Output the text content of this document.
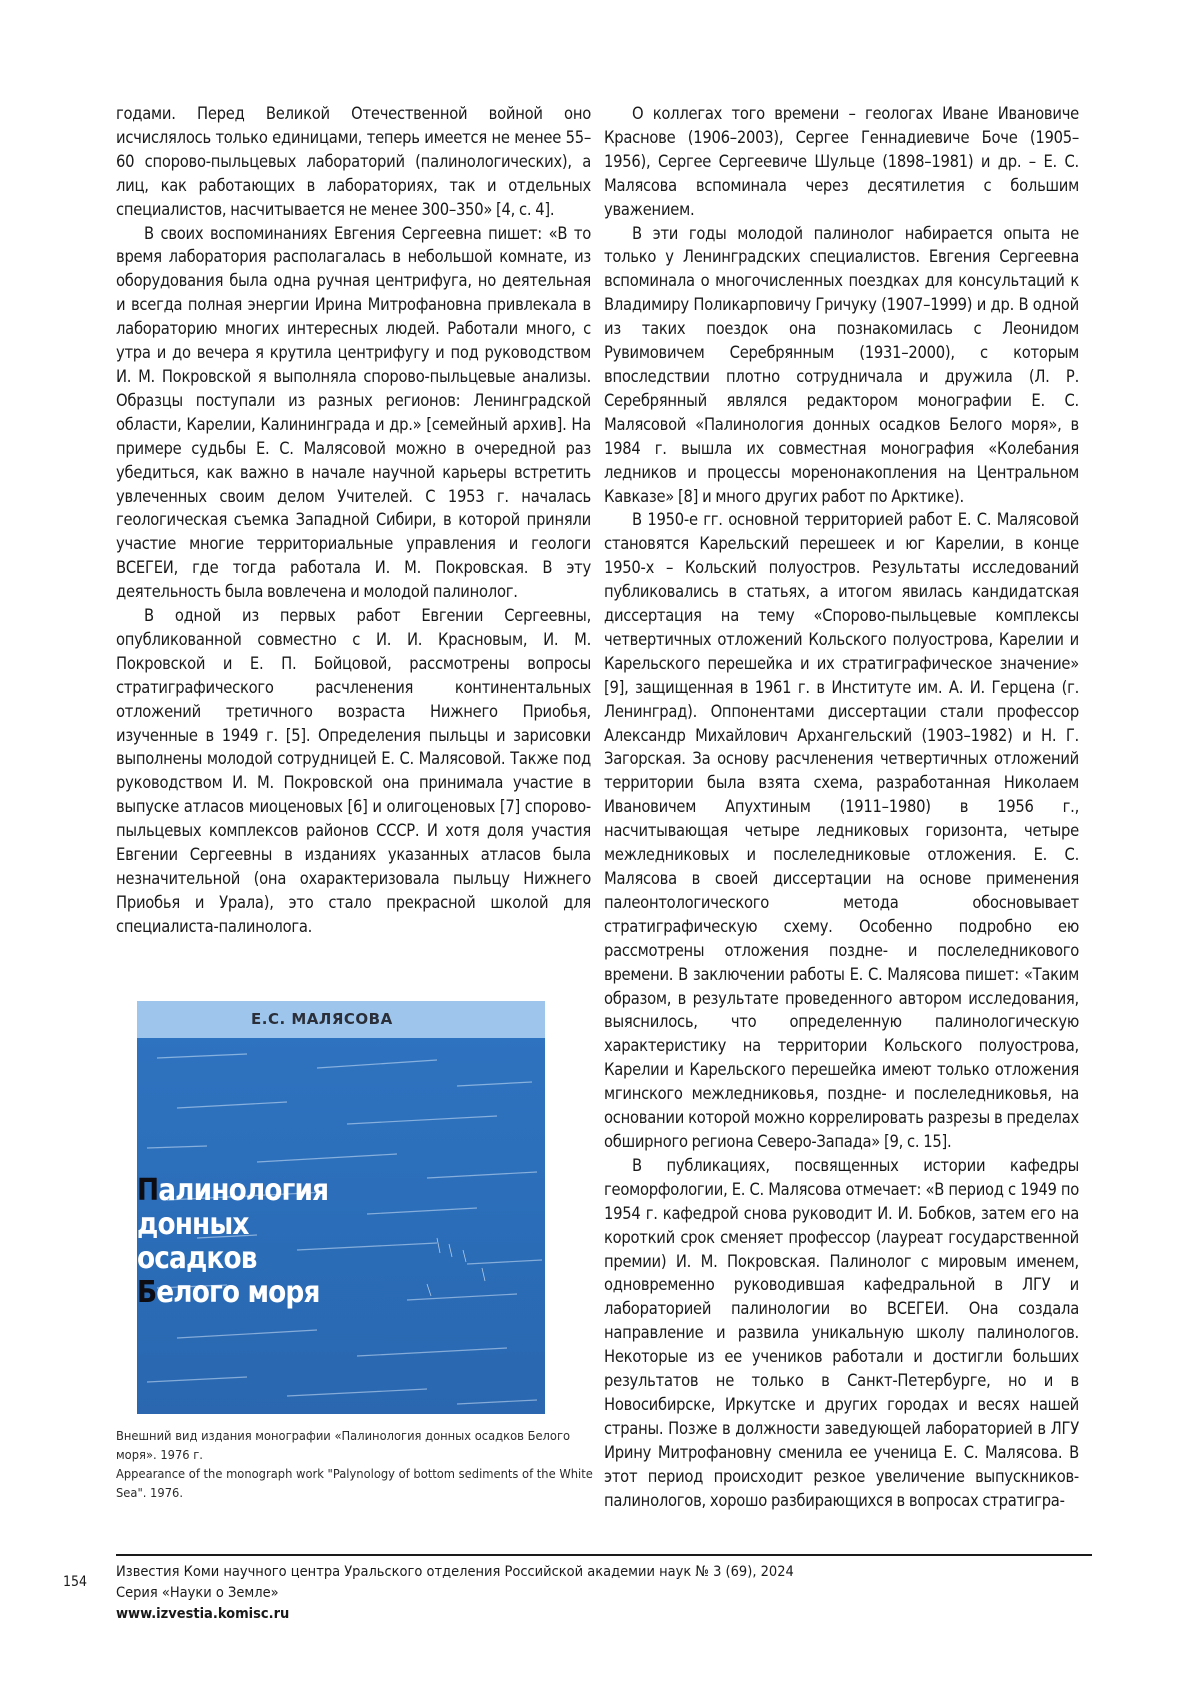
годами. Перед Великой Отечественной войной оно исчислялось только единицами, теперь имеется не менее 55–60 спорово-пыльцевых лабораторий (палинологических), а лиц, как работающих в лабораториях, так и отдельных специалистов, насчитывается не менее 300–350» [4, с. 4].

В своих воспоминаниях Евгения Сергеевна пишет: «В то время лаборатория располагалась в небольшой комнате, из оборудования была одна ручная центрифуга, но деятельная и всегда полная энергии Ирина Митрофановна привлекала в лабораторию многих интересных людей. Работали много, с утра и до вечера я крутила центрифугу и под руководством И. М. Покровской я выполняла спорово-пыльцевые анализы. Образцы поступали из разных регионов: Ленинградской области, Карелии, Калининграда и др.» [семейный архив]. На примере судьбы Е. С. Малясовой можно в очередной раз убедиться, как важно в начале научной карьеры встретить увлеченных своим делом Учителей. С 1953 г. началась геологическая съемка Западной Сибири, в которой приняли участие многие территориальные управления и геологи ВСЕГЕИ, где тогда работала И. М. Покровская. В эту деятельность была вовлечена и молодой палинолог.

В одной из первых работ Евгении Сергеевны, опубликованной совместно с И. И. Красновым, И. М. Покровской и Е. П. Бойцовой, рассмотрены вопросы стратиграфического расчленения континентальных отложений третичного возраста Нижнего Приобья, изученные в 1949 г. [5]. Определения пыльцы и зарисовки выполнены молодой сотрудницей Е. С. Малясовой. Также под руководством И. М. Покровской она принимала участие в выпуске атласов миоценовых [6] и олигоценовых [7] спорово-пыльцевых комплексов районов СССР. И хотя доля участия Евгении Сергеевны в изданиях указанных атласов была незначительной (она охарактеризовала пыльцу Нижнего Приобья и Урала), это стало прекрасной школой для специалиста-палинолога.

О коллегах того времени – геологах Иване Ивановиче Краснове (1906–2003), Сергее Геннадиевиче Боче (1905–1956), Сергее Сергеевиче Шульце (1898–1981) и др. – Е. С. Малясова вспоминала через десятилетия с большим уважением.

В эти годы молодой палинолог набирается опыта не только у Ленинградских специалистов. Евгения Сергеевна вспоминала о многочисленных поездках для консультаций к Владимиру Поликарповичу Гричуку (1907–1999) и др. В одной из таких поездок она познакомилась с Леонидом Рувимовичем Серебрянным (1931–2000), с которым впоследствии плотно сотрудничала и дружила (Л. Р. Серебрянный являлся редактором монографии Е. С. Малясовой «Палинология донных осадков Белого моря», в 1984 г. вышла их совместная монография «Колебания ледников и процессы моренонакопления на Центральном Кавказе» [8] и много других работ по Арктике).

В 1950-е гг. основной территорией работ Е. С. Малясовой становятся Карельский перешеек и юг Карелии, в конце 1950-х – Кольский полуостров. Результаты исследований публиковались в статьях, а итогом явилась кандидатская диссертация на тему «Спорово-пыльцевые комплексы четвертичных отложений Кольского полуострова, Карелии и Карельского перешейка и их стратиграфическое значение» [9], защищенная в 1961 г. в Институте им. А. И. Герцена (г. Ленинград). Оппонентами диссертации стали профессор Александр Михайлович Архангельский (1903–1982) и Н. Г. Загорская. За основу расчленения четвертичных отложений территории была взята схема, разработанная Николаем Ивановичем Апухтиным (1911–1980) в 1956 г., насчитывающая четыре ледниковых горизонта, четыре межледниковых и послеледниковые отложения. Е. С. Малясова в своей диссертации на основе применения палеонтологического метода обосновывает стратиграфическую схему. Особенно подробно ею рассмотрены отложения поздне- и послеледникового времени. В заключении работы Е. С. Малясова пишет: «Таким образом, в результате проведенного автором исследования, выяснилось, что определенную палинологическую характеристику на территории Кольского полуострова, Карелии и Карельского перешейка имеют только отложения мгинского межледниковья, поздне- и послеледниковья, на основании которой можно коррелировать разрезы в пределах обширного региона Северо-Запада» [9, с. 15].

В публикациях, посвященных истории кафедры геоморфологии, Е. С. Малясова отмечает: «В период с 1949 по 1954 г. кафедрой снова руководит И. И. Бобков, затем его на короткий срок сменяет профессор (лауреат государственной премии) И. М. Покровская. Палинолог с мировым именем, одновременно руководившая кафедральной в ЛГУ и лабораторией палинологии во ВСЕГЕИ. Она создала направление и развила уникальную школу палинологов. Некоторые из ее учеников работали и достигли больших результатов не только в Санкт-Петербурге, но и в Новосибирске, Иркутске и других городах и весях нашей страны. Позже в должности заведующей лабораторией в ЛГУ Ирину Митрофановну сменила ее ученица Е. С. Малясова. В этот период происходит резкое увеличение выпускников-палинологов, хорошо разбирающихся в вопросах стратигра-

Е.С. МАЛЯСОВА
Палинология
донных
осадков
Белого моря

Внешний вид издания монографии «Палинология донных осадков Белого моря». 1976 г.

Appearance of the monograph work "Palynology of bottom sediments of the White Sea". 1976.

154

Известия Коми научного центра Уральского отделения Российской академии наук № 3 (69), 2024

Серия «Науки о Земле»

www.izvestia.komisc.ru
